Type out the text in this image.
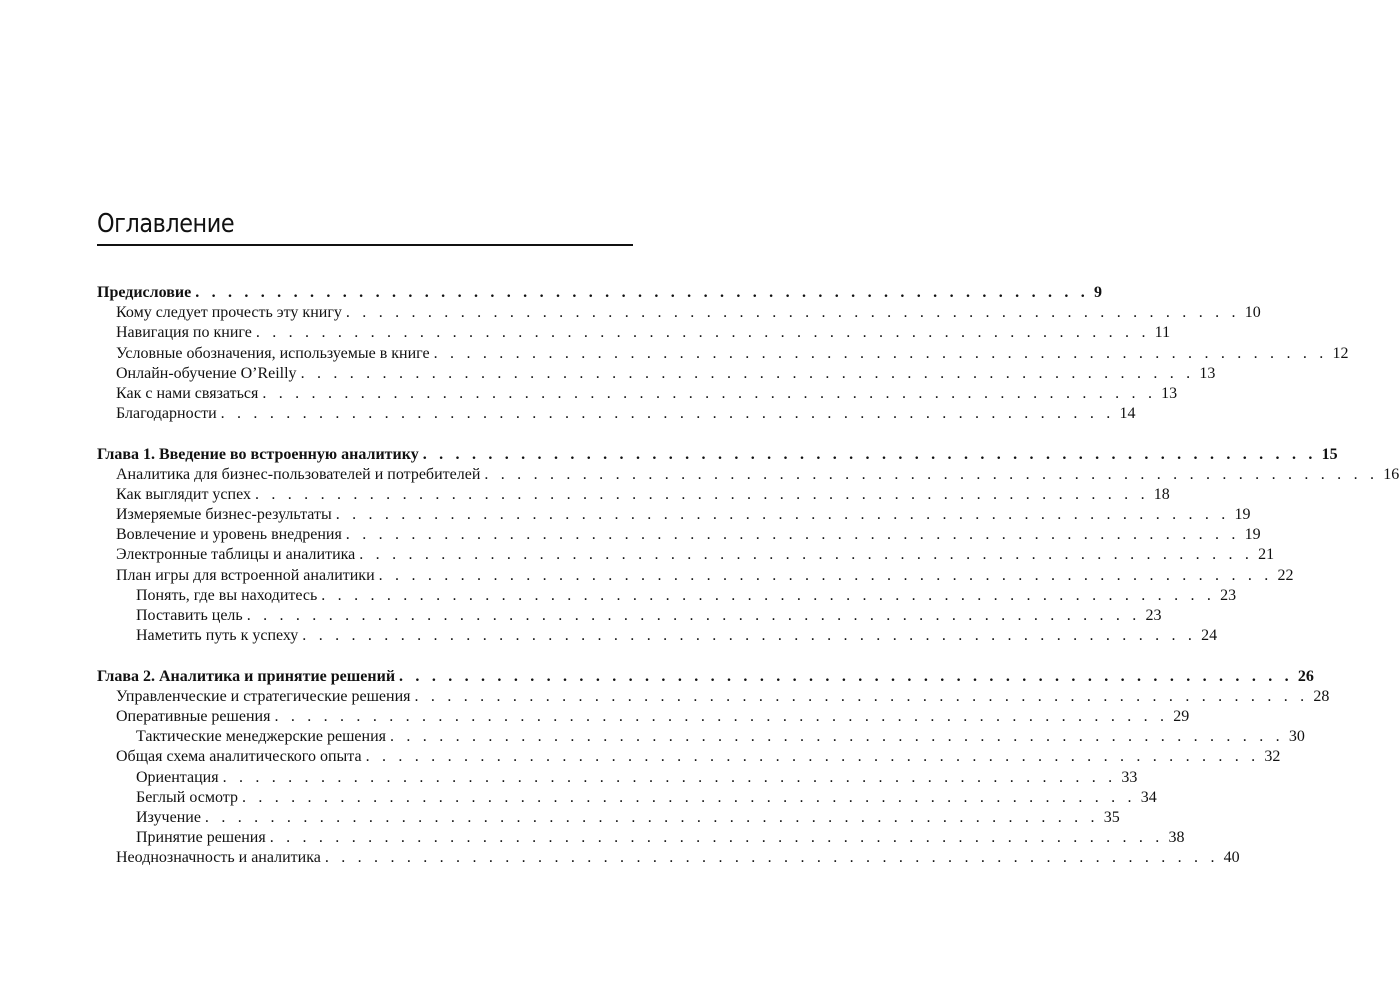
Оглавление
Предисловие . . . . . . . . . . . . . . . . . . . . . . . . . . . . . . . . . . . . . . . . . . . . . . . . . . . . . . . 9
Кому следует прочесть эту книгу . . . . . . . . . . . . . . . . . . . . . . . . . . . . . . . . . . . . . . . . . . . . . . . . . . . . . . . 10
Навигация по книге . . . . . . . . . . . . . . . . . . . . . . . . . . . . . . . . . . . . . . . . . . . . . . . . . . . . . . . 11
Условные обозначения, используемые в книге . . . . . . . . . . . . . . . . . . . . . . . . . . . . . . . . . . . . . . . . . . . . . . . . . . . . . . . 12
Онлайн-обучение O’Reilly . . . . . . . . . . . . . . . . . . . . . . . . . . . . . . . . . . . . . . . . . . . . . . . . . . . . . . . 13
Как с нами связаться . . . . . . . . . . . . . . . . . . . . . . . . . . . . . . . . . . . . . . . . . . . . . . . . . . . . . . . 13
Благодарности . . . . . . . . . . . . . . . . . . . . . . . . . . . . . . . . . . . . . . . . . . . . . . . . . . . . . . . 14
Глава 1. Введение во встроенную аналитику . . . . . . . . . . . . . . . . . . . . . . . . . . . . . . . . . . . . . . . . . . . . . . . . . . . . . . . 15
Аналитика для бизнес-пользователей и потребителей . . . . . . . . . . . . . . . . . . . . . . . . . . . . . . . . . . . . . . . . . . . . . . . . . . . . . . . 16
Как выглядит успех . . . . . . . . . . . . . . . . . . . . . . . . . . . . . . . . . . . . . . . . . . . . . . . . . . . . . . . 18
Измеряемые бизнес-результаты . . . . . . . . . . . . . . . . . . . . . . . . . . . . . . . . . . . . . . . . . . . . . . . . . . . . . . . 19
Вовлечение и уровень внедрения . . . . . . . . . . . . . . . . . . . . . . . . . . . . . . . . . . . . . . . . . . . . . . . . . . . . . . . 19
Электронные таблицы и аналитика . . . . . . . . . . . . . . . . . . . . . . . . . . . . . . . . . . . . . . . . . . . . . . . . . . . . . . . 21
План игры для встроенной аналитики . . . . . . . . . . . . . . . . . . . . . . . . . . . . . . . . . . . . . . . . . . . . . . . . . . . . . . . 22
Понять, где вы находитесь . . . . . . . . . . . . . . . . . . . . . . . . . . . . . . . . . . . . . . . . . . . . . . . . . . . . . . . 23
Поставить цель . . . . . . . . . . . . . . . . . . . . . . . . . . . . . . . . . . . . . . . . . . . . . . . . . . . . . . . 23
Наметить путь к успеху . . . . . . . . . . . . . . . . . . . . . . . . . . . . . . . . . . . . . . . . . . . . . . . . . . . . . . . 24
Глава 2. Аналитика и принятие решений . . . . . . . . . . . . . . . . . . . . . . . . . . . . . . . . . . . . . . . . . . . . . . . . . . . . . . . 26
Управленческие и стратегические решения . . . . . . . . . . . . . . . . . . . . . . . . . . . . . . . . . . . . . . . . . . . . . . . . . . . . . . . 28
Оперативные решения . . . . . . . . . . . . . . . . . . . . . . . . . . . . . . . . . . . . . . . . . . . . . . . . . . . . . . . 29
Тактические менеджерские решения . . . . . . . . . . . . . . . . . . . . . . . . . . . . . . . . . . . . . . . . . . . . . . . . . . . . . . . 30
Общая схема аналитического опыта . . . . . . . . . . . . . . . . . . . . . . . . . . . . . . . . . . . . . . . . . . . . . . . . . . . . . . . 32
Ориентация . . . . . . . . . . . . . . . . . . . . . . . . . . . . . . . . . . . . . . . . . . . . . . . . . . . . . . . 33
Беглый осмотр . . . . . . . . . . . . . . . . . . . . . . . . . . . . . . . . . . . . . . . . . . . . . . . . . . . . . . . 34
Изучение . . . . . . . . . . . . . . . . . . . . . . . . . . . . . . . . . . . . . . . . . . . . . . . . . . . . . . . 35
Принятие решения . . . . . . . . . . . . . . . . . . . . . . . . . . . . . . . . . . . . . . . . . . . . . . . . . . . . . . . 38
Неоднозначность и аналитика . . . . . . . . . . . . . . . . . . . . . . . . . . . . . . . . . . . . . . . . . . . . . . . . . . . . . . . 40
